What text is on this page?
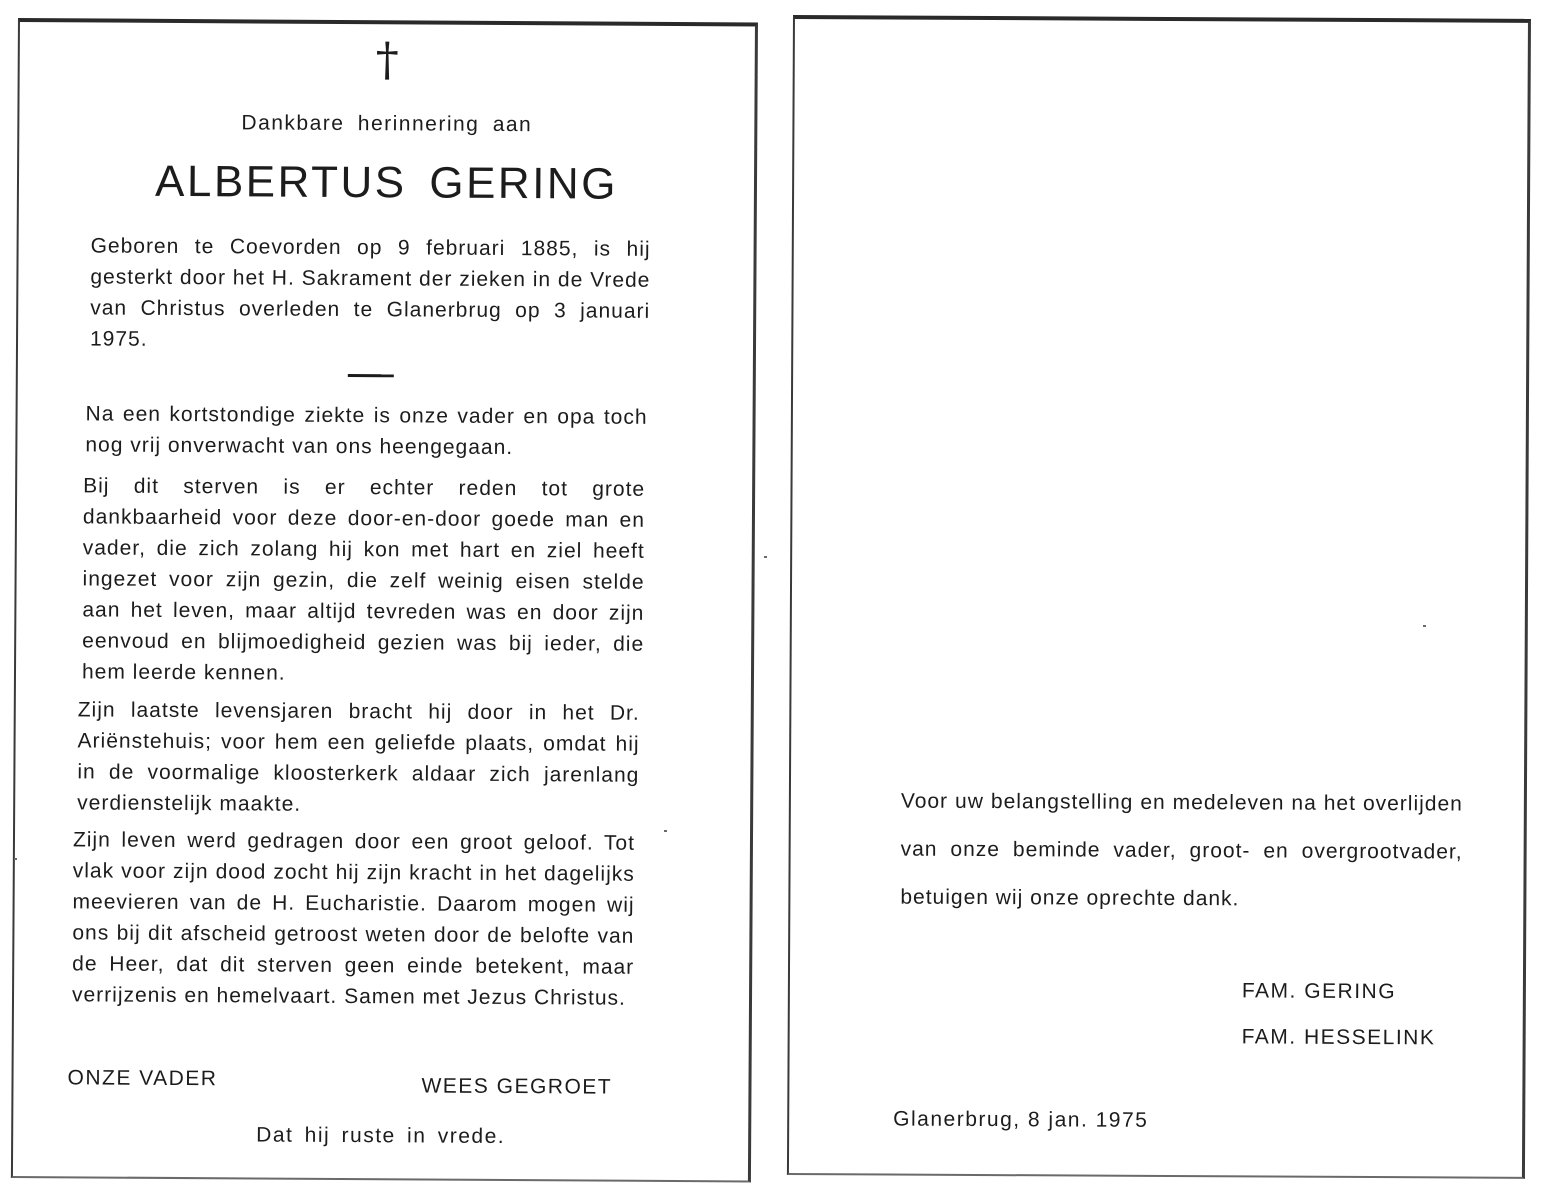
†
Dankbare herinnering aan
ALBERTUS GERING
Geboren te Coevorden op 9 februari 1885, is hij gesterkt door het H. Sakrament der zieken in de Vrede van Christus overleden te Glanerbrug op 3 januari 1975.
Na een kortstondige ziekte is onze vader en opa toch nog vrij onverwacht van ons heengegaan.
Bij dit sterven is er echter reden tot grote dankbaarheid voor deze door-en-door goede man en vader, die zich zolang hij kon met hart en ziel heeft ingezet voor zijn gezin, die zelf weinig eisen stelde aan het leven, maar altijd tevreden was en door zijn eenvoud en blijmoedigheid gezien was bij ieder, die hem leerde kennen.
Zijn laatste levensjaren bracht hij door in het Dr. Ariënstehuis; voor hem een geliefde plaats, omdat hij in de voormalige kloosterkerk aldaar zich jarenlang verdienstelijk maakte.
Zijn leven werd gedragen door een groot geloof. Tot vlak voor zijn dood zocht hij zijn kracht in het dagelijks meevieren van de H. Eucharistie. Daarom mogen wij ons bij dit afscheid getroost weten door de belofte van de Heer, dat dit sterven geen einde betekent, maar verrijzenis en hemelvaart. Samen met Jezus Christus.
ONZE VADER	WEES GEGROET
Dat hij ruste in vrede.
Voor uw belangstelling en medeleven na het overlijden van onze beminde vader, groot- en overgrootvader, betuigen wij onze oprechte dank.
FAM. GERING
FAM. HESSELINK
Glanerbrug, 8 jan. 1975
